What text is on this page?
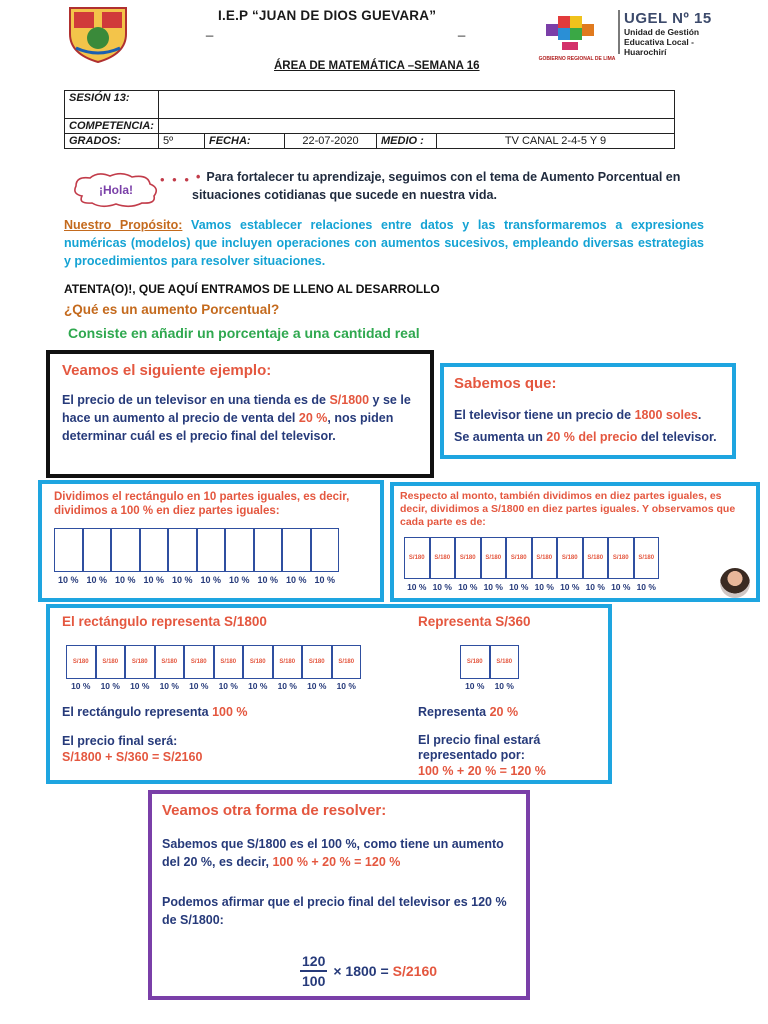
I.E.P “JUAN DE DIOS GUEVARA”
_	_
GOBIERNO REGIONAL DE LIMA
UGEL Nº 15
Unidad de Gestión
Educativa Local - Huarochirí
ÁREA DE MATEMÁTICA –SEMANA 16
SESIÓN 13:					
COMPETENCIA:					
GRADOS:	5º	FECHA:	22-07-2020	MEDIO :	TV CANAL 2-4-5 Y 9
¡Hola!
• • • • Para fortalecer tu aprendizaje, seguimos con el tema de Aumento Porcentual en situaciones cotidianas que sucede en nuestra vida.
Nuestro Propósito: Vamos establecer relaciones entre datos y las transformaremos a expresiones numéricas (modelos) que incluyen operaciones con aumentos sucesivos, empleando diversas estrategias y procedimientos para resolver situaciones.
ATENTA(O)!, QUE AQUÍ ENTRAMOS DE LLENO AL DESARROLLO
¿Qué es un aumento Porcentual?
Consiste en añadir un porcentaje a una cantidad real
Veamos el siguiente ejemplo:
El precio de un televisor en una tienda es de S/1800 y se le hace un aumento al precio de venta del 20 %, nos piden determinar cuál es el precio final del televisor.
Sabemos que:
El televisor tiene un precio de 1800 soles.
Se aumenta un 20 % del precio del televisor.
Dividimos el rectángulo en 10 partes iguales, es decir, dividimos a 100 % en diez partes iguales:
10 % 10 % 10 % 10 % 10 % 10 % 10 % 10 % 10 % 10 %
Respecto al monto, también dividimos en diez partes iguales, es decir, dividimos a S/1800 en diez partes iguales. Y observamos que cada parte es de:
S/180	S/180	S/180	S/180	S/180	S/180	S/180	S/180	S/180	S/180
10 % 10 % 10 % 10 % 10 % 10 % 10 % 10 % 10 % 10 %
El rectángulo representa S/1800
S/180	S/180	S/180	S/180	S/180	S/180	S/180	S/180	S/180	S/180
10 %	10 %	10 %	10 %	10 %	10 %	10 %	10 %	10 %	10 %
El rectángulo representa 100 %
El precio final será:
S/1800 + S/360 = S/2160
Representa S/360
S/180	S/180
10 %	10 %
Representa 20 %
El precio final estará representado por:
100 % + 20 % = 120 %
Veamos otra forma de resolver:
Sabemos que S/1800 es el 100 %, como tiene un aumento del 20 %, es decir, 100 % + 20 % = 120 %
Podemos afirmar que el precio final del televisor es 120 % de S/1800:
$\frac{120}{100} \times 1800 = S/2160$
